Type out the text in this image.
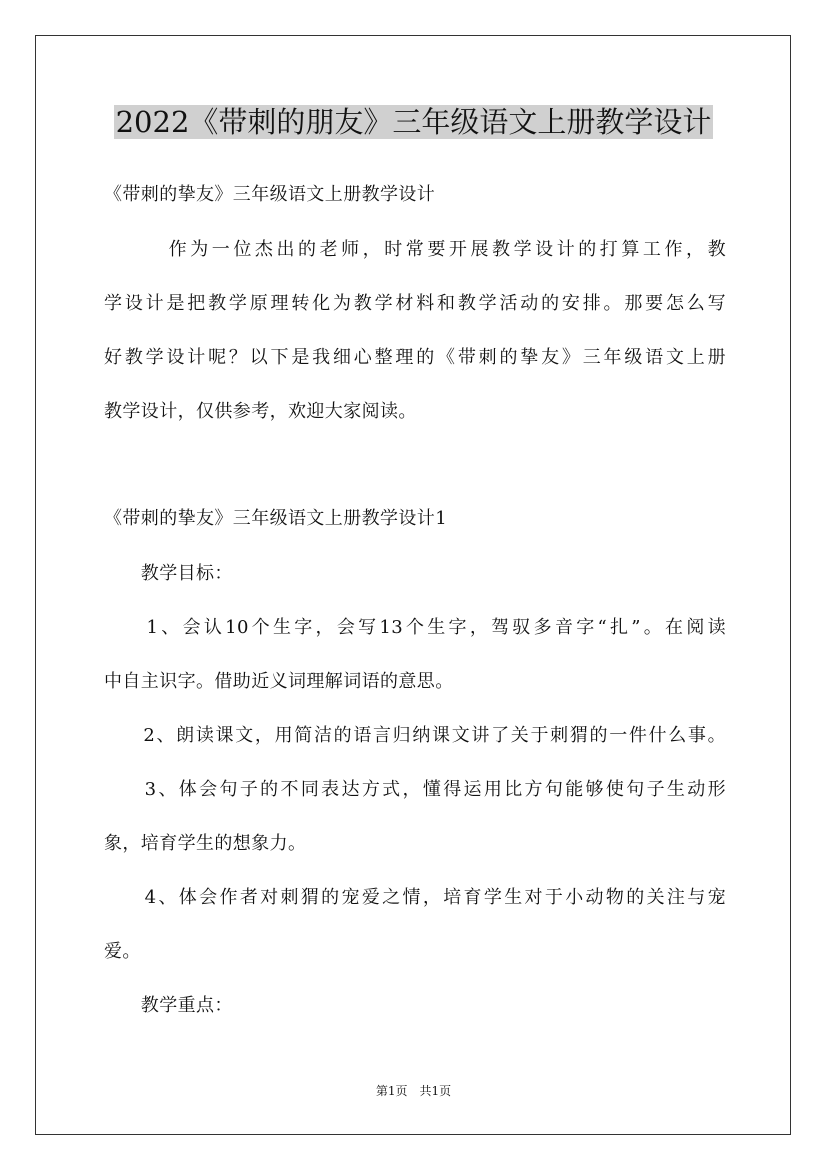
2022《带刺的朋友》三年级语文上册教学设计
《带刺的挚友》三年级语文上册教学设计
　　　作为一位杰出的老师，时常要开展教学设计的打算工作，教
学设计是把教学原理转化为教学材料和教学活动的安排。那要怎么写
好教学设计呢？以下是我细心整理的《带刺的挚友》三年级语文上册
教学设计，仅供参考，欢迎大家阅读。
《带刺的挚友》三年级语文上册教学设计1
　　教学目标：
　　1、会认10个生字，会写13个生字，驾驭多音字“扎”。在阅读
中自主识字。借助近义词理解词语的意思。
　　2、朗读课文，用简洁的语言归纳课文讲了关于刺猬的一件什么事。
　　3、体会句子的不同表达方式，懂得运用比方句能够使句子生动形
象，培育学生的想象力。
　　4、体会作者对刺猬的宠爱之情，培育学生对于小动物的关注与宠
爱。
　　教学重点：
第1页　共1页
